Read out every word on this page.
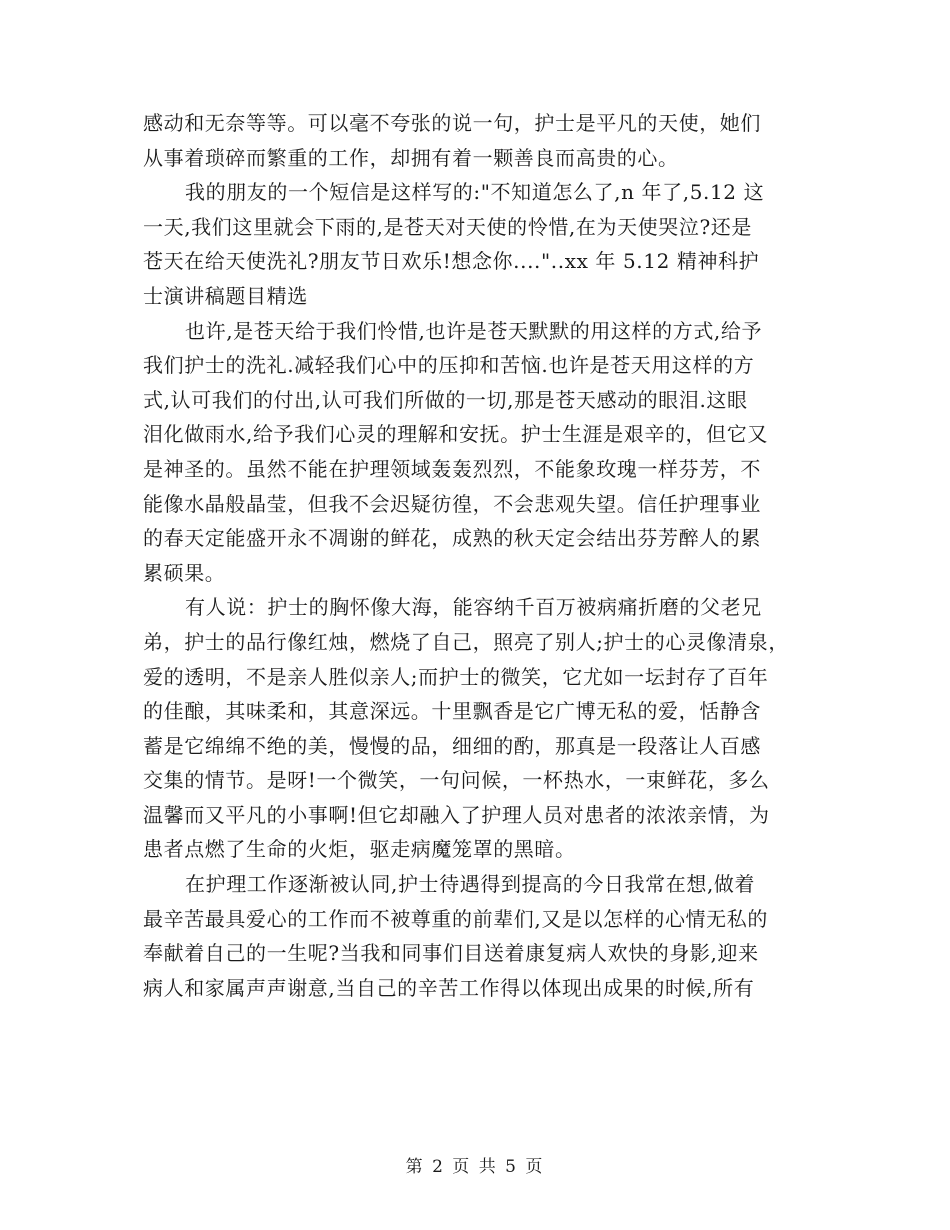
感动和无奈等等。可以毫不夸张的说一句，护士是平凡的天使，她们
从事着琐碎而繁重的工作，却拥有着一颗善良而高贵的心。

我的朋友的一个短信是这样写的:"不知道怎么了,n 年了,5.12 这
一天,我们这里就会下雨的,是苍天对天使的怜惜,在为天使哭泣?还是
苍天在给天使洗礼?朋友节日欢乐!想念你...."..xx 年 5.12 精神科护
士演讲稿题目精选

也许,是苍天给于我们怜惜,也许是苍天默默的用这样的方式,给予
我们护士的洗礼.减轻我们心中的压抑和苦恼.也许是苍天用这样的方
式,认可我们的付出,认可我们所做的一切,那是苍天感动的眼泪.这眼
泪化做雨水,给予我们心灵的理解和安抚。护士生涯是艰辛的，但它又
是神圣的。虽然不能在护理领域轰轰烈烈，不能象玫瑰一样芬芳，不
能像水晶般晶莹，但我不会迟疑彷徨，不会悲观失望。信任护理事业
的春天定能盛开永不凋谢的鲜花，成熟的秋天定会结出芬芳醉人的累
累硕果。

有人说：护士的胸怀像大海，能容纳千百万被病痛折磨的父老兄
弟，护士的品行像红烛，燃烧了自己，照亮了别人;护士的心灵像清泉，
爱的透明，不是亲人胜似亲人;而护士的微笑，它尤如一坛封存了百年
的佳酿，其味柔和，其意深远。十里飘香是它广博无私的爱，恬静含
蓄是它绵绵不绝的美，慢慢的品，细细的酌，那真是一段落让人百感
交集的情节。是呀!一个微笑，一句问候，一杯热水，一束鲜花，多么
温馨而又平凡的小事啊!但它却融入了护理人员对患者的浓浓亲情，为
患者点燃了生命的火炬，驱走病魔笼罩的黑暗。

在护理工作逐渐被认同,护士待遇得到提高的今日我常在想,做着
最辛苦最具爱心的工作而不被尊重的前辈们,又是以怎样的心情无私的
奉献着自己的一生呢?当我和同事们目送着康复病人欢快的身影,迎来
病人和家属声声谢意,当自己的辛苦工作得以体现出成果的时候,所有

第 2 页 共 5 页
